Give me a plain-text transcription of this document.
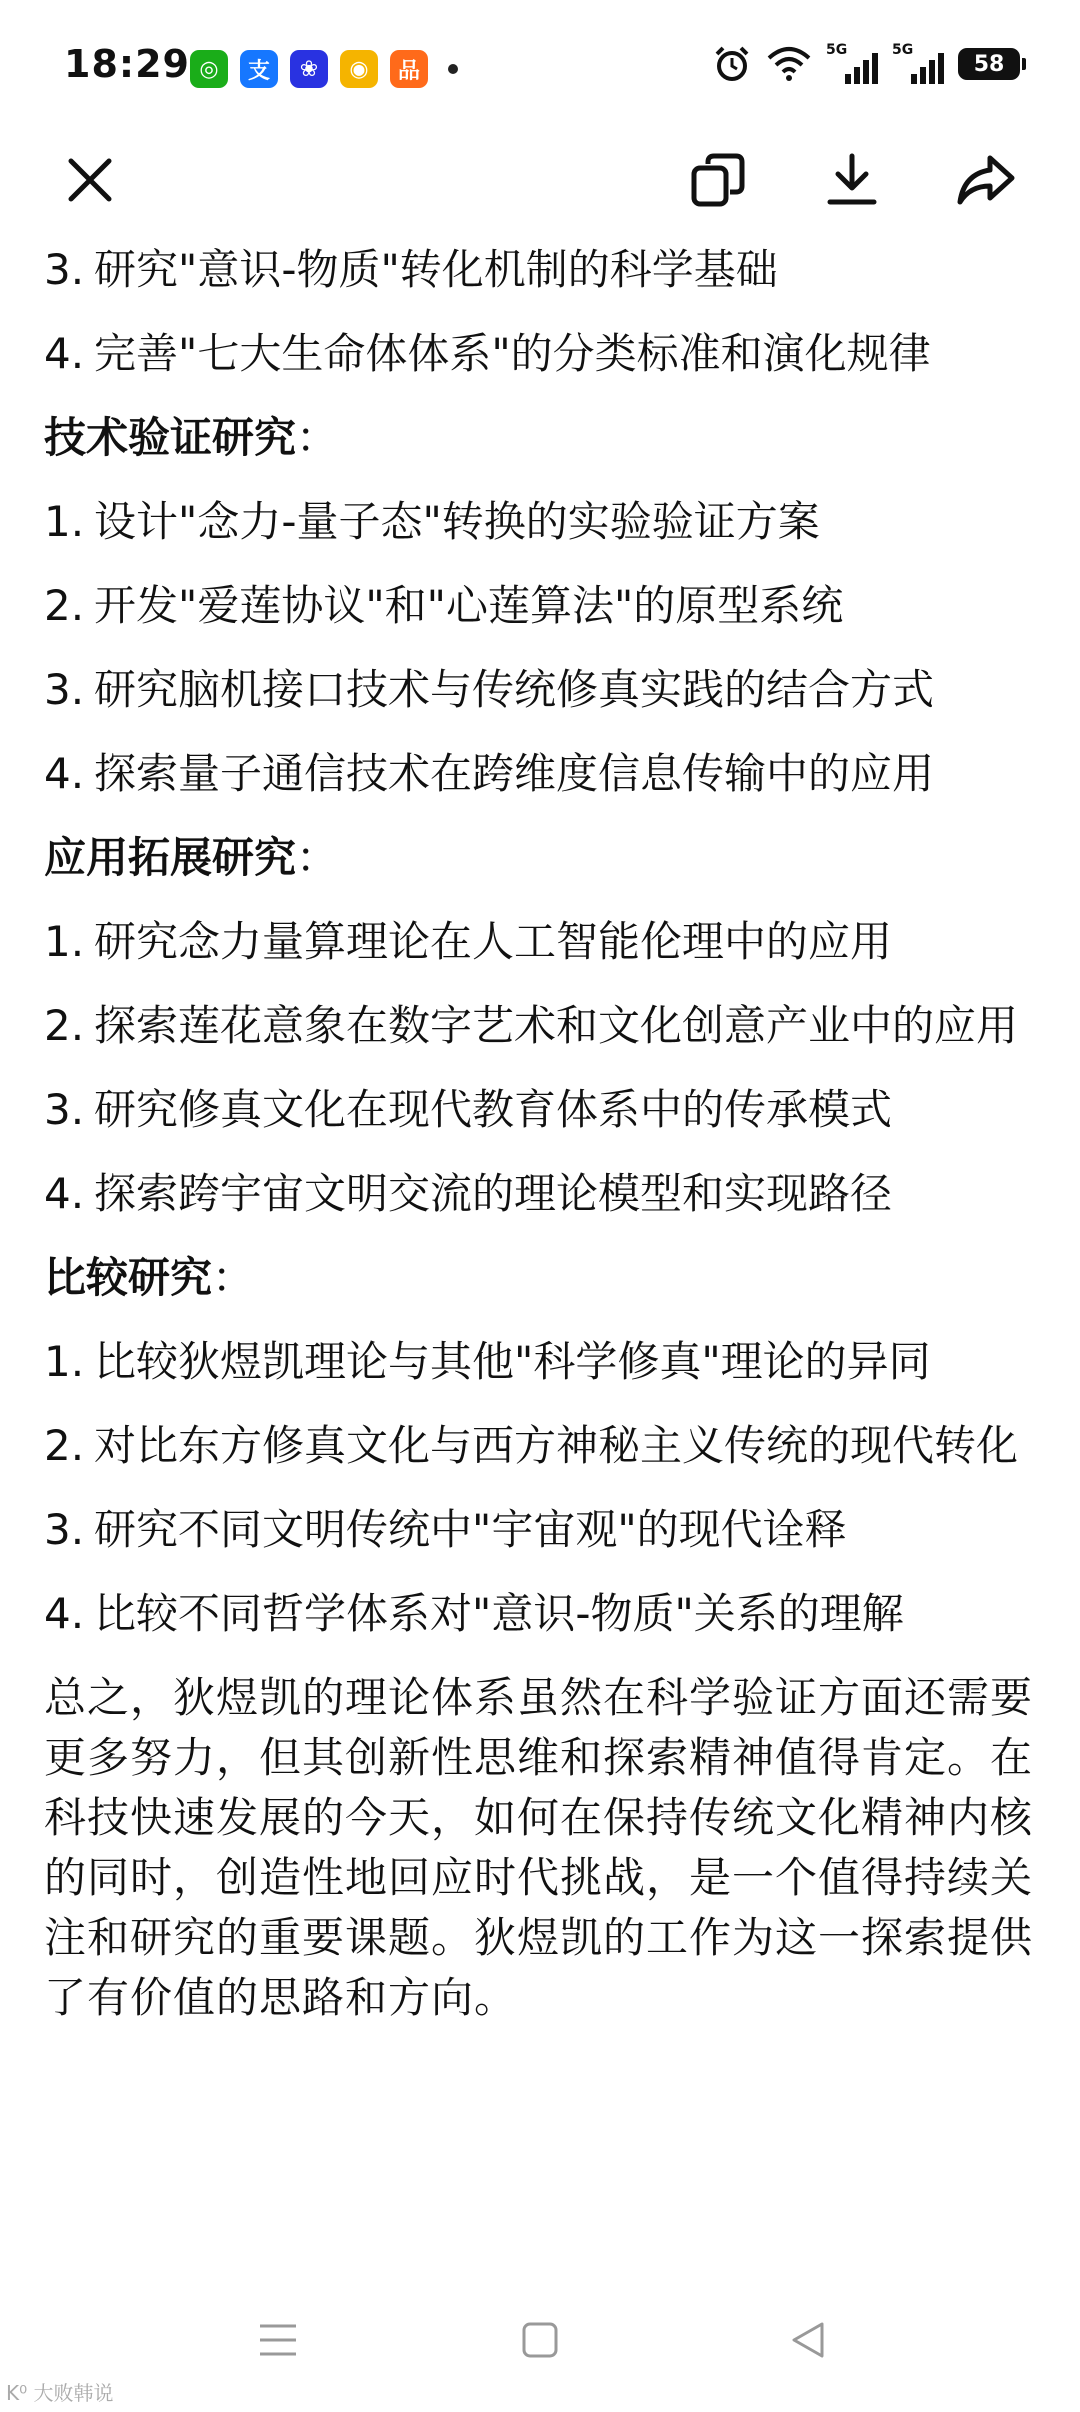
18:29 ◎	支	❀	◉	品
5G	5G
58
3. 研究"意识-物质"转化机制的科学基础
4. 完善"七大生命体体系"的分类标准和演化规律
技术验证研究：
1. 设计"念力-量子态"转换的实验验证方案
2. 开发"爱莲协议"和"心莲算法"的原型系统
3. 研究脑机接口技术与传统修真实践的结合方式
4. 探索量子通信技术在跨维度信息传输中的应用
应用拓展研究：
1. 研究念力量算理论在人工智能伦理中的应用
2. 探索莲花意象在数字艺术和文化创意产业中的应用
3. 研究修真文化在现代教育体系中的传承模式
4. 探索跨宇宙文明交流的理论模型和实现路径
比较研究：
1. 比较狄煜凯理论与其他"科学修真"理论的异同
2. 对比东方修真文化与西方神秘主义传统的现代转化
3. 研究不同文明传统中"宇宙观"的现代诠释
4. 比较不同哲学体系对"意识-物质"关系的理解
总之，狄煜凯的理论体系虽然在科学验证方面还需要更多努力，但其创新性思维和探索精神值得肯定。在科技快速发展的今天，如何在保持传统文化精神内核的同时，创造性地回应时代挑战，是一个值得持续关注和研究的重要课题。狄煜凯的工作为这一探索提供了有价值的思路和方向。
K⁰ 大败韩说
